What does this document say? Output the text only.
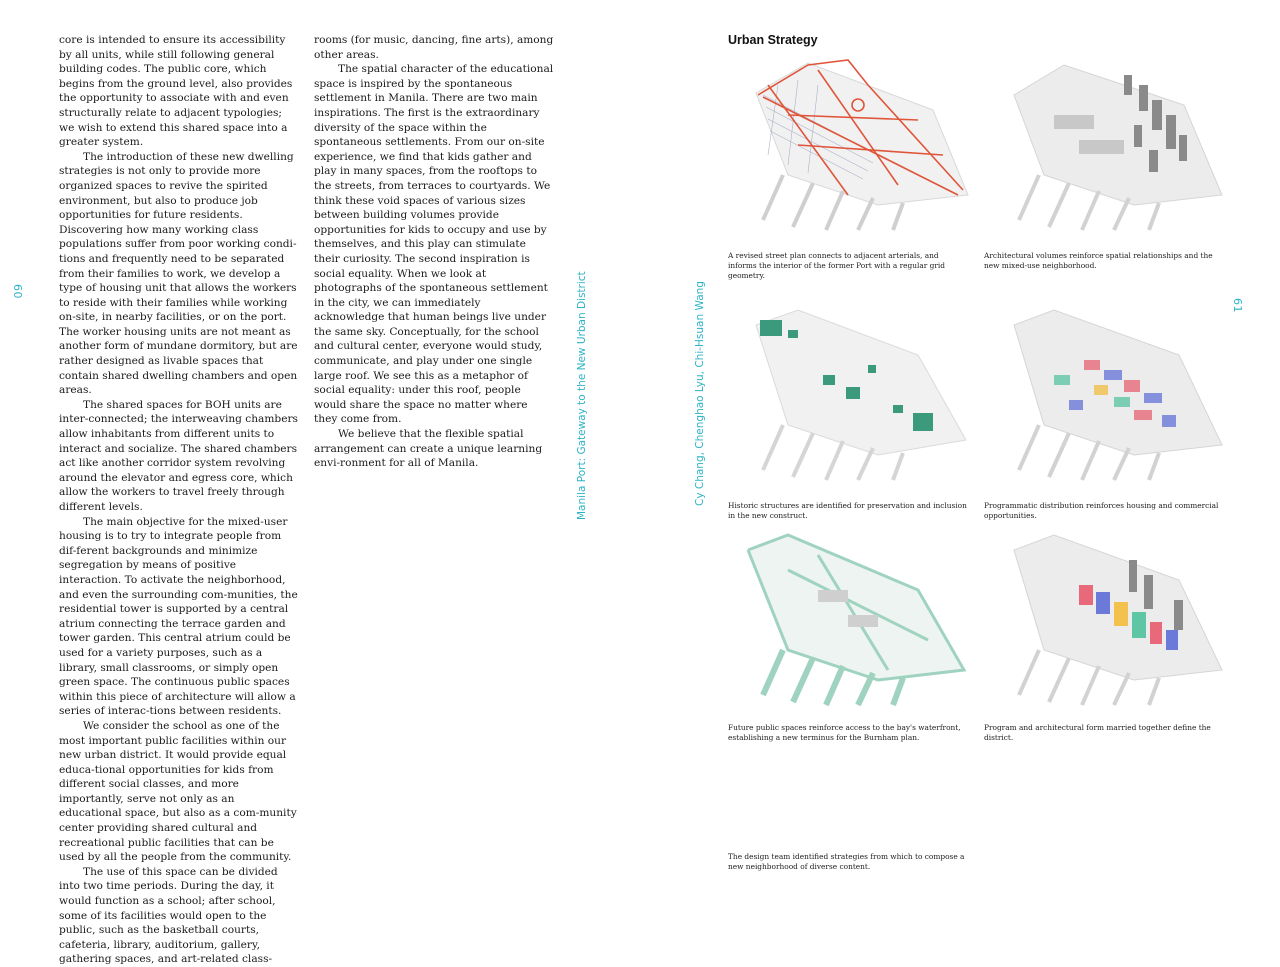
core is intended to ensure its accessibility by all units, while still following general building codes. The public core, which begins from the ground level, also provides the opportunity to associate with and even structurally relate to adjacent typologies; we wish to extend this shared space into a greater system.

The introduction of these new dwelling strategies is not only to provide more organized spaces to revive the spirited environment, but also to produce job opportunities for future residents. Discovering how many working class populations suffer from poor working condi-tions and frequently need to be separated from their families to work, we develop a type of housing unit that allows the workers to reside with their families while working on-site, in nearby facilities, or on the port. The worker housing units are not meant as another form of mundane dormitory, but are rather designed as livable spaces that contain shared dwelling chambers and open areas.

The shared spaces for BOH units are inter-connected; the interweaving chambers allow inhabitants from different units to interact and socialize. The shared chambers act like another corridor system revolving around the elevator and egress core, which allow the workers to travel freely through different levels.

The main objective for the mixed-user housing is to try to integrate people from dif-ferent backgrounds and minimize segregation by means of positive interaction. To activate the neighborhood, and even the surrounding com-munities, the residential tower is supported by a central atrium connecting the terrace garden and tower garden. This central atrium could be used for a variety purposes, such as a library, small classrooms, or simply open green space. The continuous public spaces within this piece of architecture will allow a series of interac-tions between residents.

We consider the school as one of the most important public facilities within our new urban district. It would provide equal educa-tional opportunities for kids from different social classes, and more importantly, serve not only as an educational space, but also as a com-munity center providing shared cultural and recreational public facilities that can be used by all the people from the community.

The use of this space can be divided into two time periods. During the day, it would function as a school; after school, some of its facilities would open to the public, such as the basketball courts, cafeteria, library, auditorium, gallery, gathering spaces, and art-related class-

rooms (for music, dancing, fine arts), among other areas.

The spatial character of the educational space is inspired by the spontaneous settlement in Manila. There are two main inspirations. The first is the extraordinary diversity of the space within the spontaneous settlements. From our on-site experience, we find that kids gather and play in many spaces, from the rooftops to the streets, from terraces to courtyards. We think these void spaces of various sizes between building volumes provide opportunities for kids to occupy and use by themselves, and this play can stimulate their curiosity. The second inspiration is social equality. When we look at photographs of the spontaneous settlement in the city, we can immediately acknowledge that human beings live under the same sky. Conceptually, for the school and cultural center, everyone would study, communicate, and play under one single large roof. We see this as a metaphor of social equality: under this roof, people would share the space no matter where they come from.

We believe that the flexible spatial arrangement can create a unique learning envi-ronment for all of Manila.

60	Manila Port: Gateway to the New Urban District	Cy Chang, Chenghao Lyu, Chi-Hsuan Wang
Urban Strategy
61
A revised street plan connects to adjacent arterials, and informs the interior of the former Port with a regular grid geometry.
Architectural volumes reinforce spatial relationships and the new mixed-use neighborhood.
Historic structures are identified for preservation and inclusion in the new construct.
Programmatic distribution reinforces housing and commercial opportunities.
Future public spaces reinforce access to the bay's waterfront, establishing a new terminus for the Burnham plan.
Program and architectural form married together define the district.
The design team identified strategies from which to compose a new neighborhood of diverse content.
